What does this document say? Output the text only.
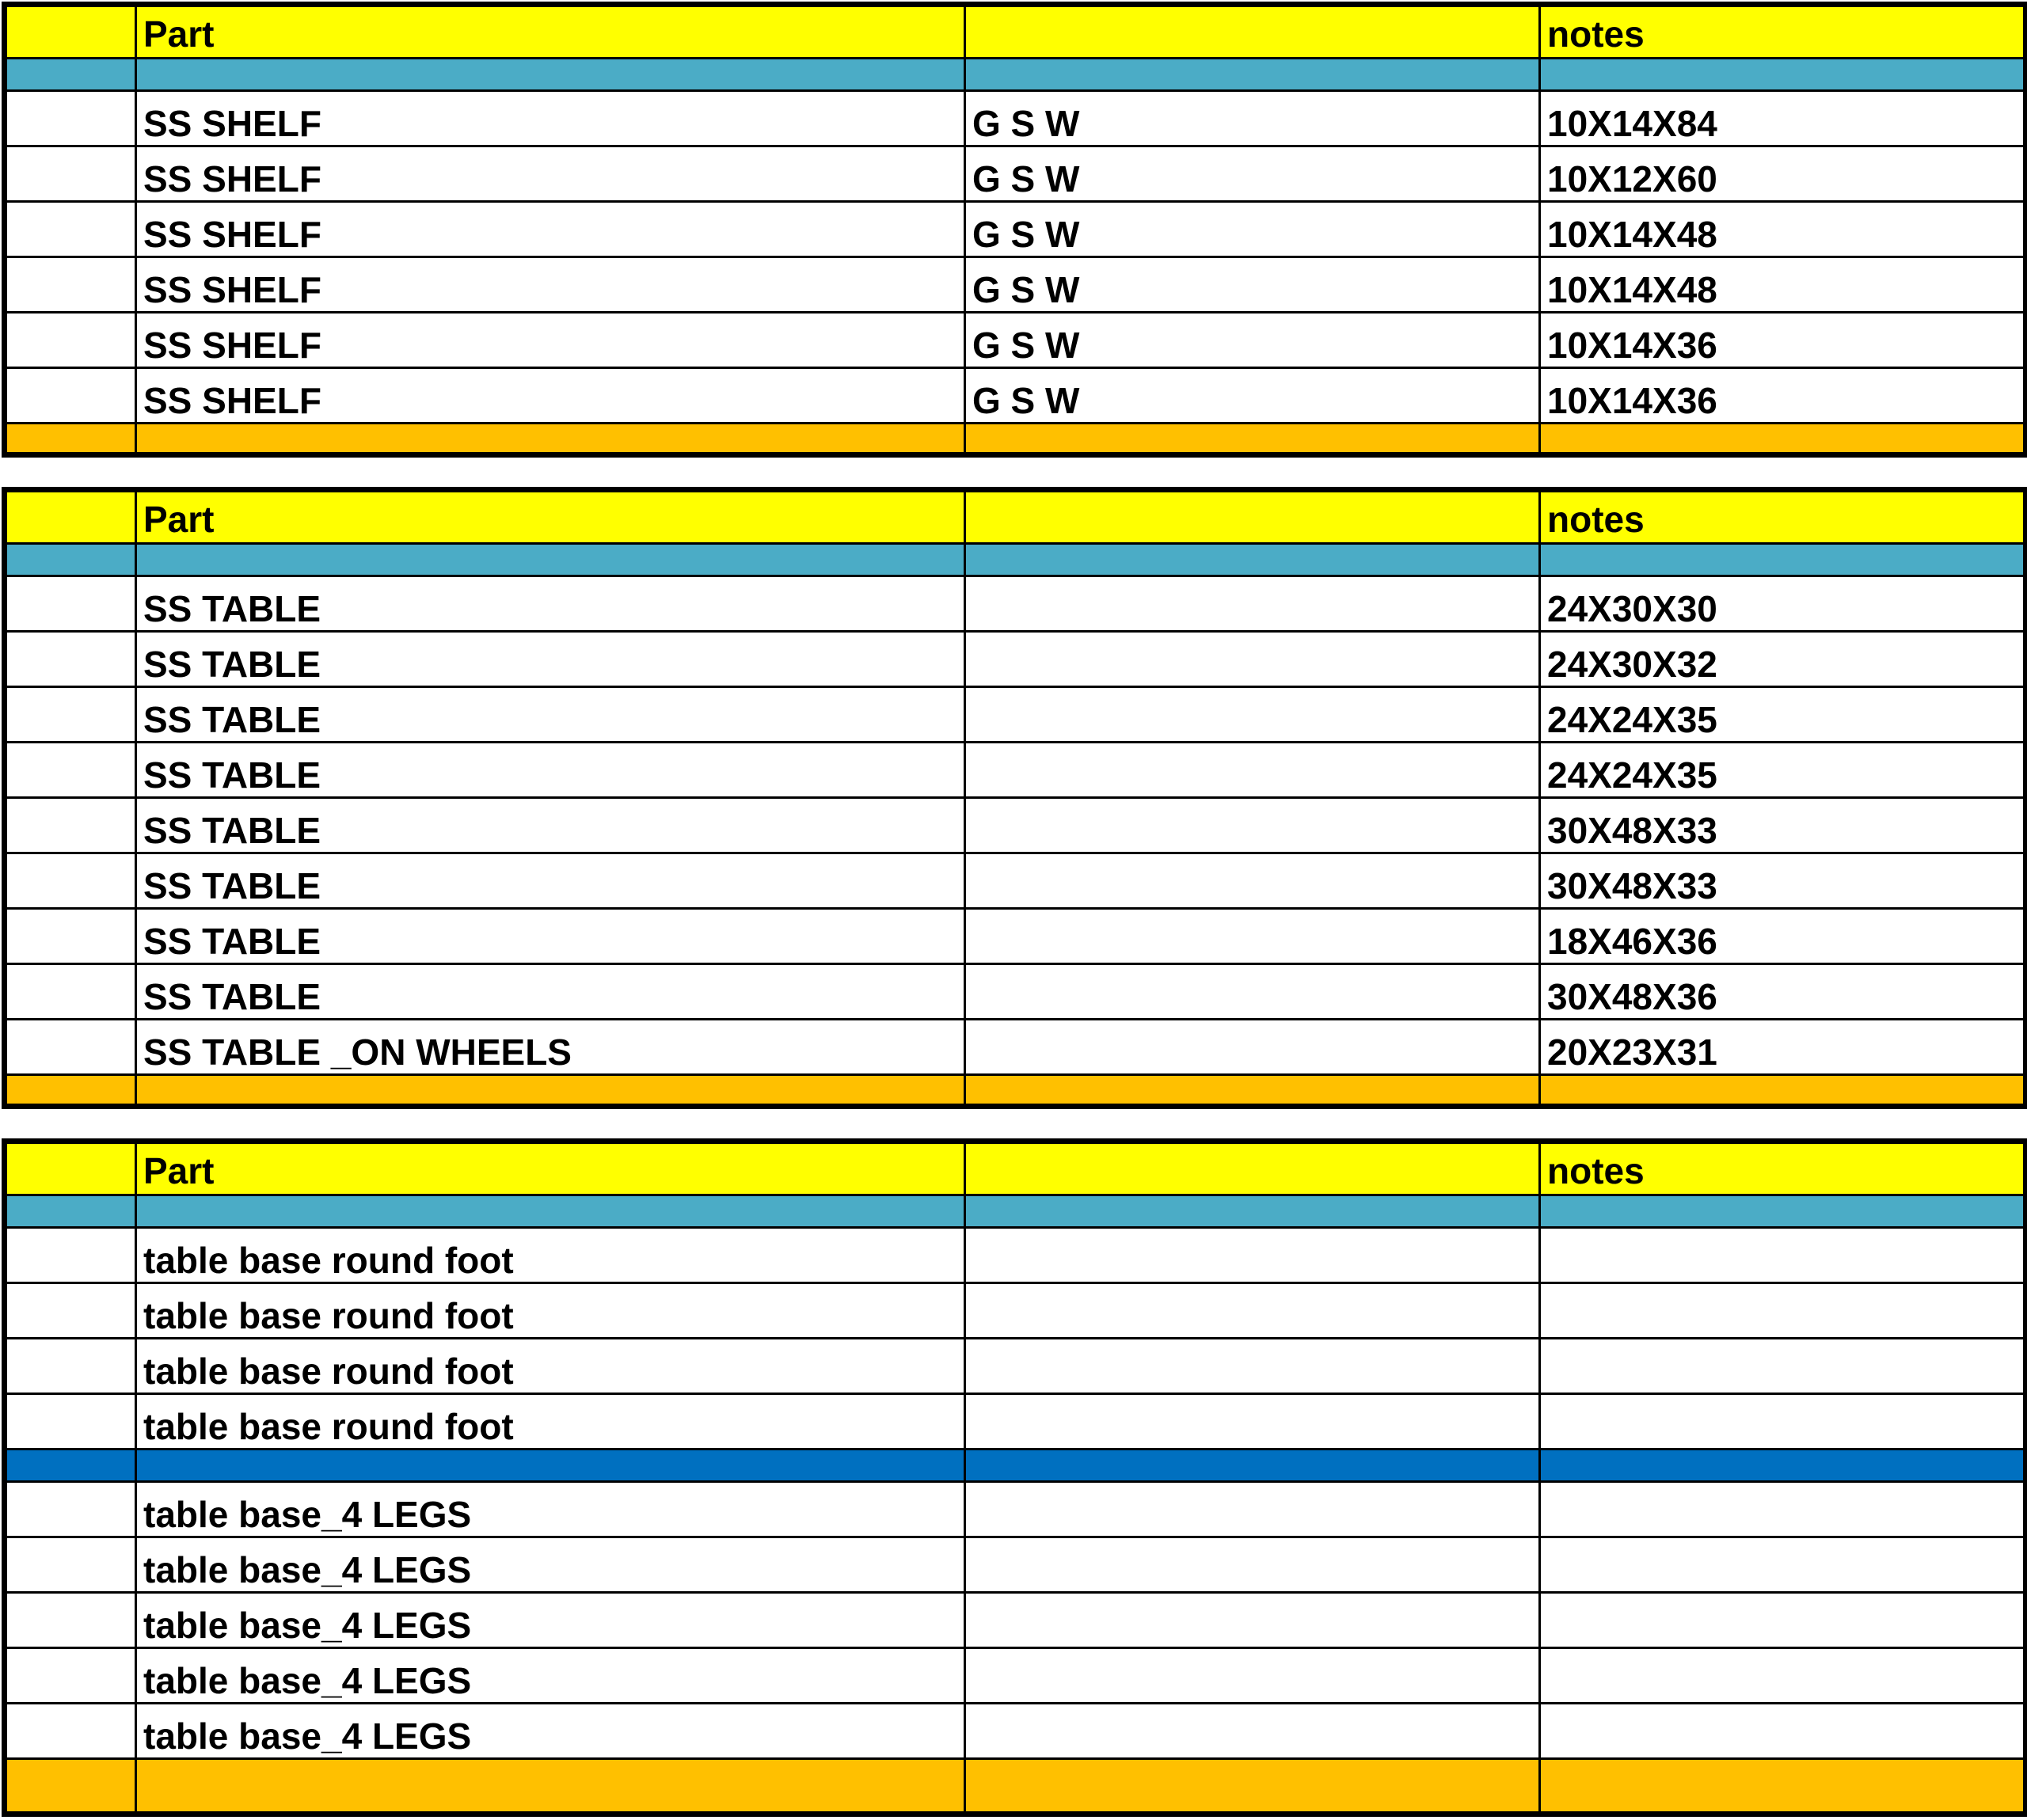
	Part		notes

	SS SHELF	G S W	10X14X84
	SS SHELF	G S W	10X12X60
	SS SHELF	G S W	10X14X48
	SS SHELF	G S W	10X14X48
	SS SHELF	G S W	10X14X36
	SS SHELF	G S W	10X14X36

	Part		notes

	SS TABLE		24X30X30
	SS TABLE		24X30X32
	SS TABLE		24X24X35
	SS TABLE		24X24X35
	SS TABLE		30X48X33
	SS TABLE		30X48X33
	SS TABLE		18X46X36
	SS TABLE		30X48X36
	SS TABLE _ON WHEELS		20X23X31

	Part		notes

	table base round foot		
	table base round foot		
	table base round foot		
	table base round foot		

	table base_4 LEGS		
	table base_4 LEGS		
	table base_4 LEGS		
	table base_4 LEGS		
	table base_4 LEGS		
